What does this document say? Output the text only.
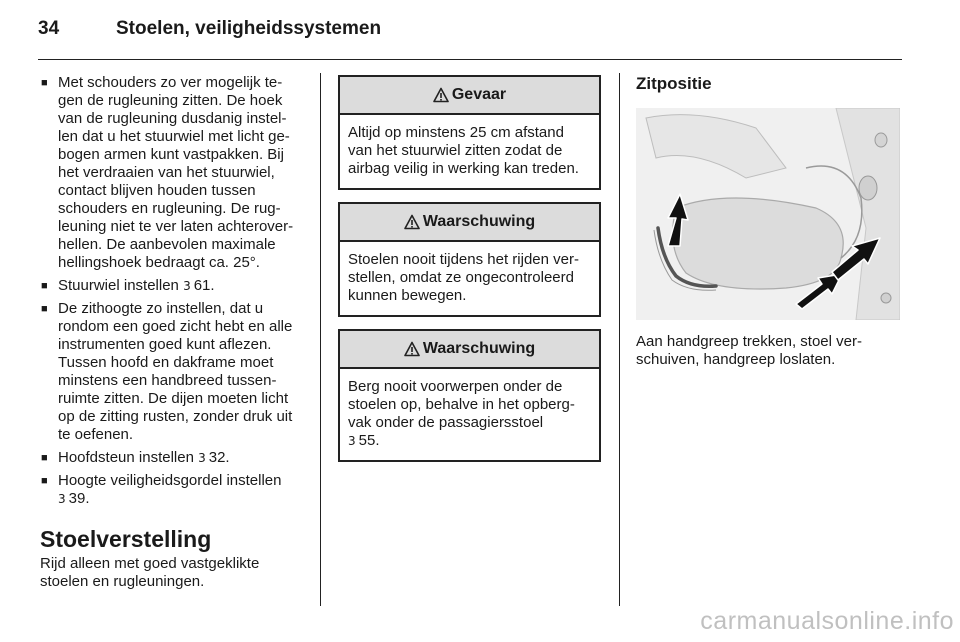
34	Stoelen, veiligheidssystemen
■ Met schouders zo ver mogelijk te-gen de rugleuning zitten. De hoek van de rugleuning dusdanig instel-len dat u het stuurwiel met licht ge-bogen armen kunt vastpakken. Bij het verdraaien van het stuurwiel, contact blijven houden tussen schouders en rugleuning. De rug-leuning niet te ver laten achterover-hellen. De aanbevolen maximale hellingshoek bedraagt ca. 25°.
■ Stuurwiel instellen 3 61.
■ De zithoogte zo instellen, dat u rondom een goed zicht hebt en alle instrumenten goed kunt aflezen. Tussen hoofd en dakframe moet minstens een handbreed tussen-ruimte zitten. De dijen moeten licht op de zitting rusten, zonder druk uit te oefenen.
■ Hoofdsteun instellen 3 32.
■ Hoogte veiligheidsgordel instellen
3 39.
Stoelverstelling

Rijd alleen met goed vastgeklikte stoelen en rugleuningen.

Gevaar
Altijd op minstens 25 cm afstand van het stuurwiel zitten zodat de airbag veilig in werking kan treden.
Waarschuwing
Stoelen nooit tijdens het rijden ver-stellen, omdat ze ongecontroleerd kunnen bewegen.
Waarschuwing
Berg nooit voorwerpen onder de stoelen op, behalve in het opberg-vak onder de passagiersstoel
3 55.
Zitpositie
Aan handgreep trekken, stoel ver-schuiven, handgreep loslaten.
carmanualsonline.info
